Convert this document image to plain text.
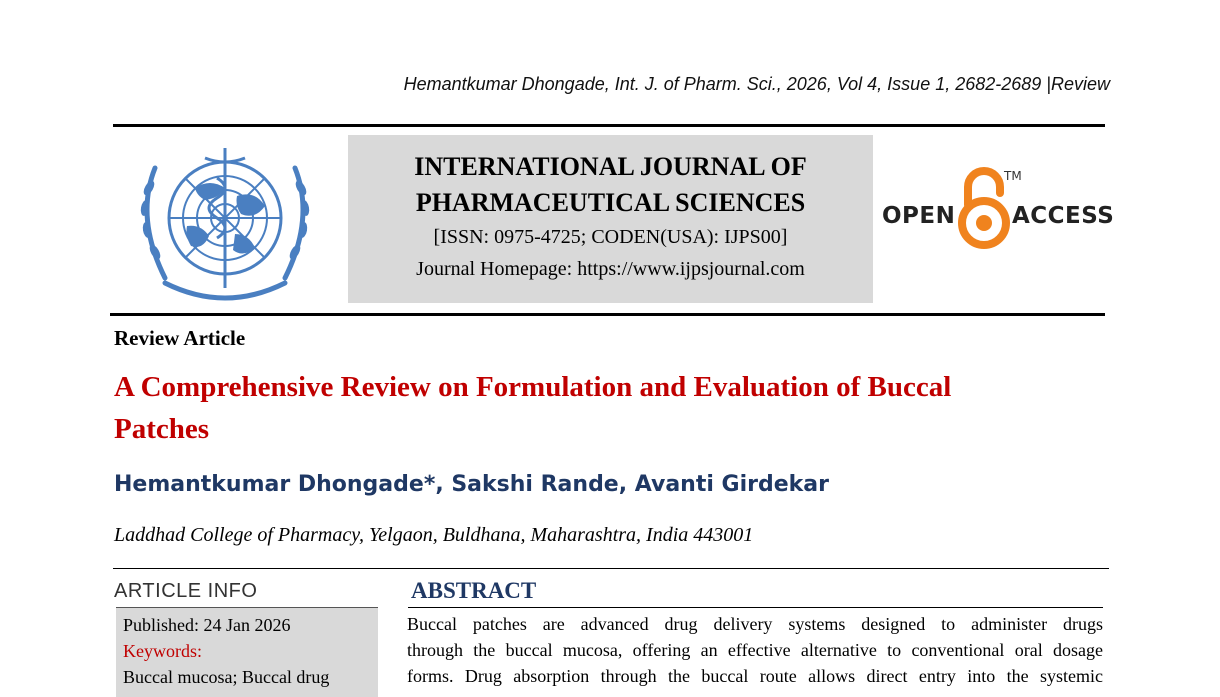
Hemantkumar Dhongade, Int. J. of Pharm. Sci., 2026, Vol 4, Issue 1, 2682-2689 |Review
INTERNATIONAL JOURNAL OF
PHARMACEUTICAL SCIENCES
[ISSN: 0975-4725; CODEN(USA): IJPS00]
Journal Homepage: https://www.ijpsjournal.com
OPEN
TM
ACCESS
Review Article
A Comprehensive Review on Formulation and Evaluation of Buccal
Patches
Hemantkumar Dhongade*, Sakshi Rande, Avanti Girdekar
Laddhad College of Pharmacy, Yelgaon, Buldhana, Maharashtra, India 443001
ARTICLE INFO
Published: 24 Jan 2026
Keywords:
Buccal mucosa; Buccal drug
ABSTRACT
Buccal patches are advanced drug delivery systems designed to administer drugs
through the buccal mucosa, offering an effective alternative to conventional oral dosage
forms. Drug absorption through the buccal route allows direct entry into the systemic
